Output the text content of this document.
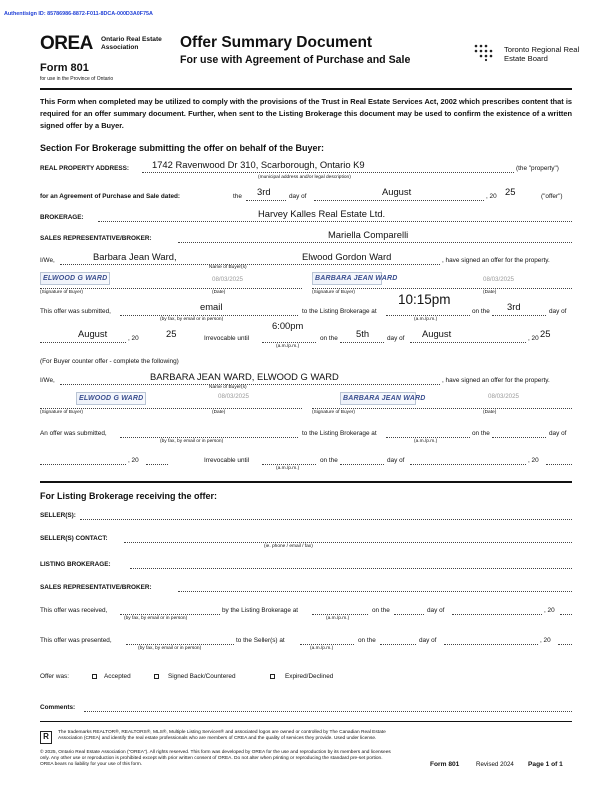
Authentisign ID: 85786986-8872-F011-8DCA-000D3A0F75A
OREA Ontario Real Estate Association
Form 801
for use in the Province of Ontario
Offer Summary Document
For use with Agreement of Purchase and Sale
Toronto Regional Real Estate Board
This Form when completed may be utilized to comply with the provisions of the Trust in Real Estate Services Act, 2002 which prescribes content that is required for an offer summary document. Further, when sent to the Listing Brokerage this document may be used to confirm the existence of a written signed offer by a Buyer.
Section For Brokerage submitting the offer on behalf of the Buyer:
REAL PROPERTY ADDRESS: 1742 Ravenwood Dr 310, Scarborough, Ontario K9	(the "property")
(municipal address and/or legal description)
for an Agreement of Purchase and Sale dated:	the 3rd	day of	August	, 20 25	("offer")
BROKERAGE:	Harvey Kalles Real Estate Ltd.
SALES REPRESENTATIVE/BROKER:	Mariella Comparelli
I/We,	Barbara Jean Ward,	Elwood Gordon Ward	, have signed an offer for the property.
Name of Buyer(s)
ELWOOD G WARD	08/03/2025	BARBARA JEAN WARD	08/03/2025
(Signature of Buyer)	(Date)	(Signature of Buyer)	(Date)
This offer was submitted,	email
(by fax, by email or in person)
to the Listing Brokerage at
10:15pm
(a.m./p.m.)
on the 3rd	day of
August	, 20	25	Irrevocable until
6:00pm
(a.m./p.m.)
on the 5th	day of August	, 20 25
(For Buyer counter offer - complete the following)
I/We,	BARBARA JEAN WARD, ELWOOD G WARD	, have signed an offer for the property.
Name of Buyer(s)
08/03/2025	08/03/2025
ELWOOD G WARD	BARBARA JEAN WARD
(Signature of Buyer)	(Date)	(Signature of Buyer)	(Date)
An offer was submitted,
(by fax, by email or in person)
to the Listing Brokerage at
(a.m./p.m.)
on the	day of
, 20	Irrevocable until
(a.m./p.m.)
on the	day of	, 20
For Listing Brokerage receiving the offer:
SELLER(S):
SELLER(S) CONTACT:
(ie. phone / email / fax)
LISTING BROKERAGE:
SALES REPRESENTATIVE/BROKER:
This offer was received,
(by fax, by email or in person)
by the Listing Brokerage at
(a.m./p.m.)
on the	day of	, 20
This offer was presented,
(by fax, by email or in person)
to the Seller(s) at
(a.m./p.m.)
on the	day of	, 20
Offer was:	Accepted	Signed Back/Countered	Expired/Declined
Comments:
R	The trademarks REALTOR®, REALTORS®, MLS®, Multiple Listing Services® and associated logos are owned or controlled by The Canadian Real Estate Association (CREA) and identify the real estate professionals who are members of CREA and the quality of services they provide. Used under license.
© 2025, Ontario Real Estate Association ("OREA"). All rights reserved. This form was developed by OREA for the use and reproduction by its members and licensees only. Any other use or reproduction is prohibited except with prior written consent of OREA. Do not alter when printing or reproducing the standard pre-set portion. OREA bears no liability for your use of this form.	Form 801	Revised 2024 Page 1 of 1
